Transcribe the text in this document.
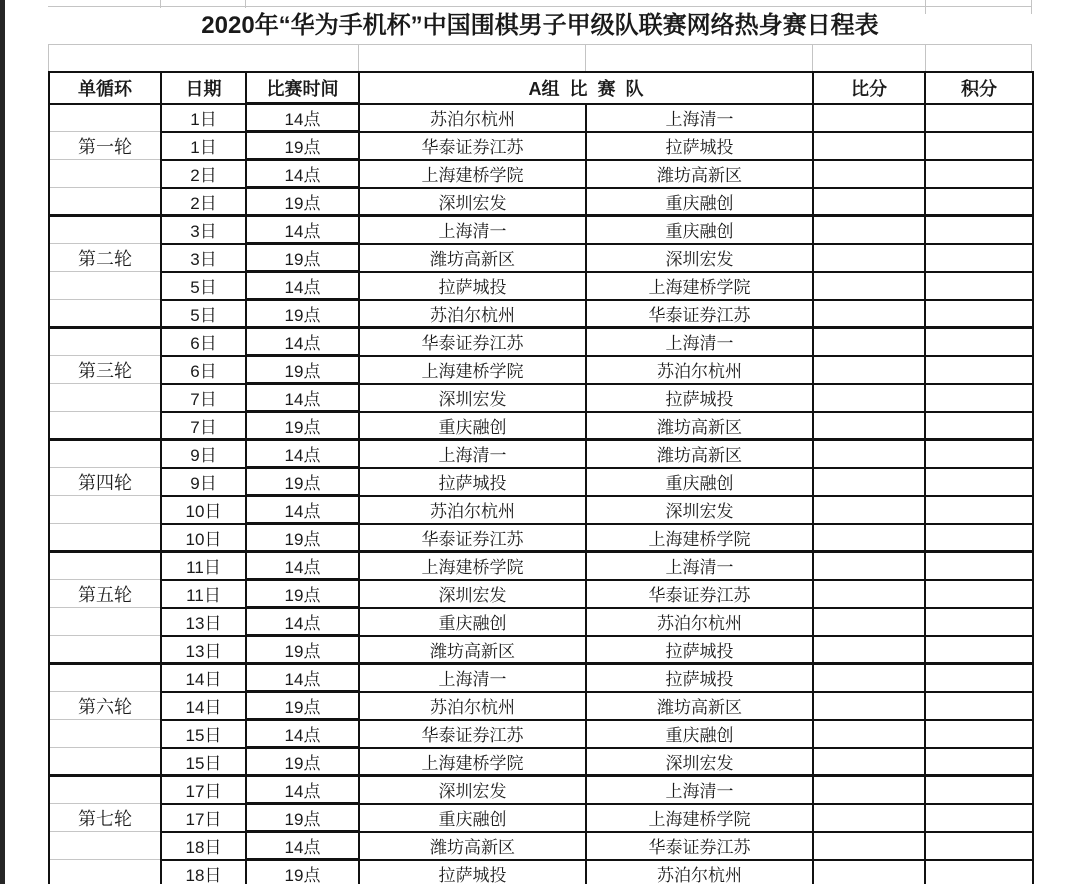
2020年“华为手机杯”中国围棋男子甲级队联赛网络热身赛日程表
单循环	日期	比赛时间	A组  比  赛  队		比分	积分
	1日	14点	苏泊尔杭州	上海清一		
第一轮	1日	19点	华泰证券江苏	拉萨城投		
	2日	14点	上海建桥学院	潍坊高新区		
	2日	19点	深圳宏发	重庆融创		
	3日	14点	上海清一	重庆融创		
第二轮	3日	19点	潍坊高新区	深圳宏发		
	5日	14点	拉萨城投	上海建桥学院		
	5日	19点	苏泊尔杭州	华泰证券江苏		
	6日	14点	华泰证券江苏	上海清一		
第三轮	6日	19点	上海建桥学院	苏泊尔杭州		
	7日	14点	深圳宏发	拉萨城投		
	7日	19点	重庆融创	潍坊高新区		
	9日	14点	上海清一	潍坊高新区		
第四轮	9日	19点	拉萨城投	重庆融创		
	10日	14点	苏泊尔杭州	深圳宏发		
	10日	19点	华泰证券江苏	上海建桥学院		
	11日	14点	上海建桥学院	上海清一		
第五轮	11日	19点	深圳宏发	华泰证券江苏		
	13日	14点	重庆融创	苏泊尔杭州		
	13日	19点	潍坊高新区	拉萨城投		
	14日	14点	上海清一	拉萨城投		
第六轮	14日	19点	苏泊尔杭州	潍坊高新区		
	15日	14点	华泰证券江苏	重庆融创		
	15日	19点	上海建桥学院	深圳宏发		
	17日	14点	深圳宏发	上海清一		
第七轮	17日	19点	重庆融创	上海建桥学院		
	18日	14点	潍坊高新区	华泰证券江苏		
	18日	19点	拉萨城投	苏泊尔杭州		
